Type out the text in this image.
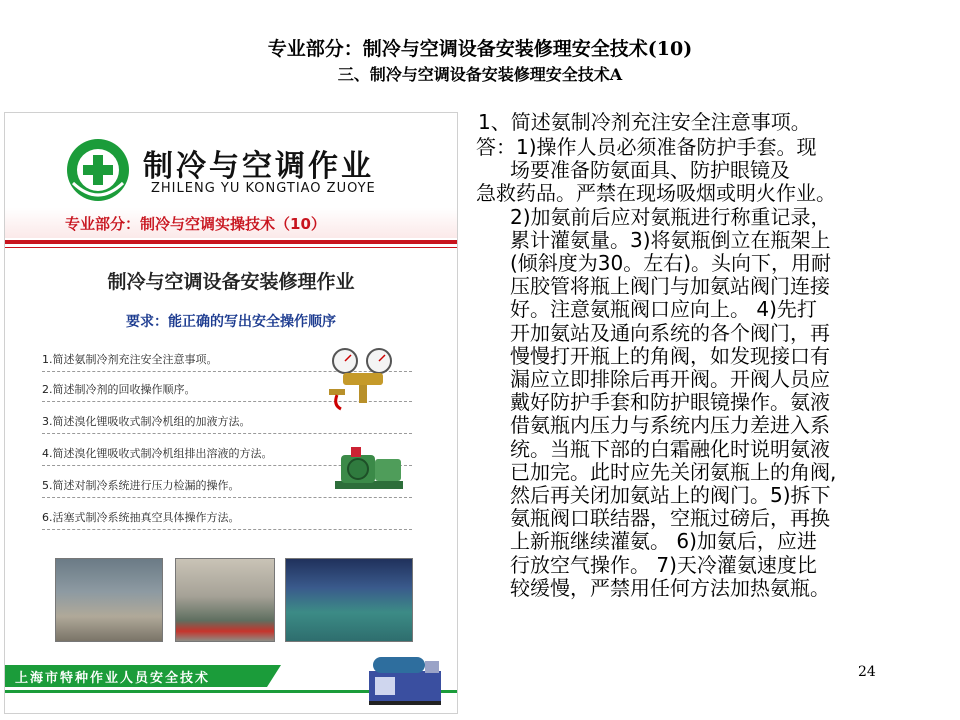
专业部分：制冷与空调设备安装修理安全技术(10)
三、制冷与空调设备安装修理安全技术A
制冷与空调作业
ZHILENG YU KONGTIAO ZUOYE
专业部分：制冷与空调实操技术（10）
制冷与空调设备安装修理作业
要求：能正确的写出安全操作顺序
1.简述氨制冷剂充注安全注意事项。
2.简述制冷剂的回收操作顺序。
3.简述溴化锂吸收式制冷机组的加液方法。
4.简述溴化锂吸收式制冷机组排出溶液的方法。
5.简述对制冷系统进行压力检漏的操作。
6.活塞式制冷系统抽真空具体操作方法。
上海市特种作业人员安全技术
1、简述氨制冷剂充注安全注意事项。
答：1)操作人员必须准备防护手套。现
场要准备防氨面具、防护眼镜及
急救药品。严禁在现场吸烟或明火作业。
2)加氨前后应对氨瓶进行称重记录，
累计灌氨量。3)将氨瓶倒立在瓶架上
(倾斜度为30。左右)。头向下，用耐
压胶管将瓶上阀门与加氨站阀门连接
好。注意氨瓶阀口应向上。 4)先打
开加氨站及通向系统的各个阀门，再
慢慢打开瓶上的角阀，如发现接口有
漏应立即排除后再开阀。开阀人员应
戴好防护手套和防护眼镜操作。氨液
借氨瓶内压力与系统内压力差进入系
统。当瓶下部的白霜融化时说明氨液
已加完。此时应先关闭氨瓶上的角阀,
然后再关闭加氨站上的阀门。5)拆下
氨瓶阀口联结器，空瓶过磅后，再换
上新瓶继续灌氨。 6)加氨后，应进
行放空气操作。 7)天冷灌氨速度比
较缓慢，严禁用任何方法加热氨瓶。
24
